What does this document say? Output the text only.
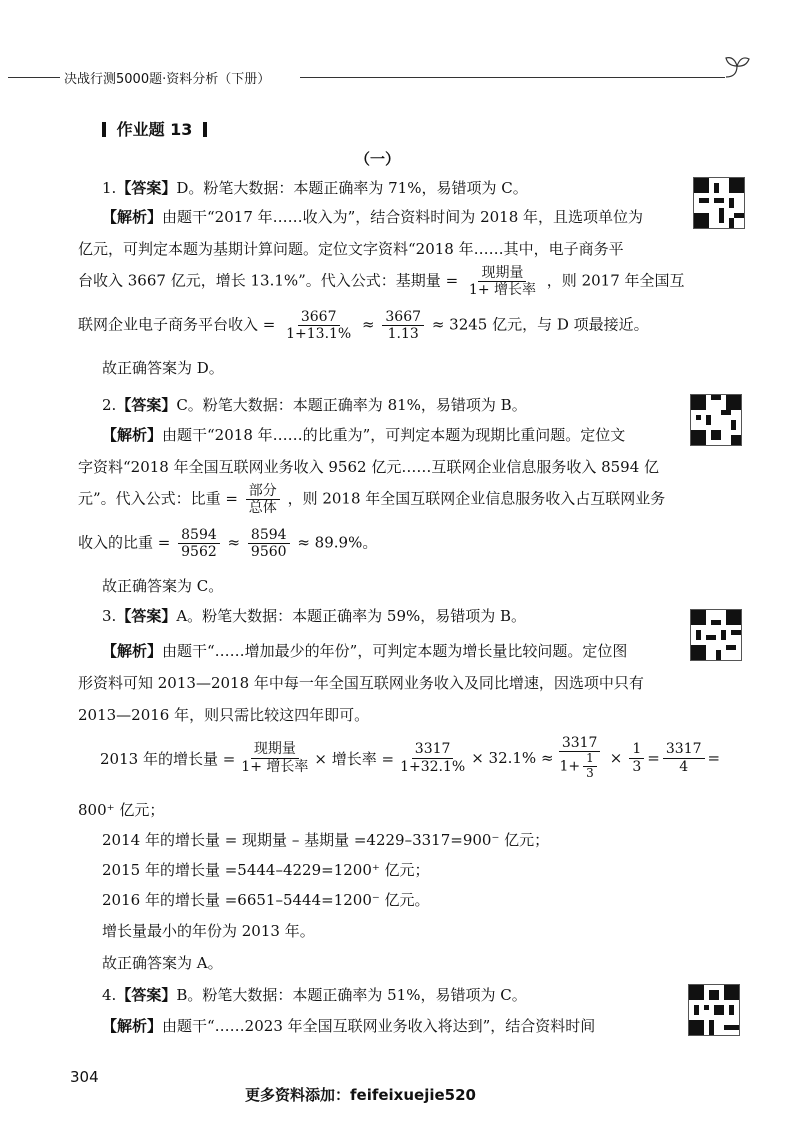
决战行测5000题·资料分析（下册）
作业题 13
（一）
1.【答案】D。粉笔大数据：本题正确率为 71%，易错项为 C。
【解析】由题干“2017 年……收入为”，结合资料时间为 2018 年，且选项单位为
亿元，可判定本题为基期计算问题。定位文字资料“2018 年……其中，电子商务平
台收入 3667 亿元，增长 13.1%”。代入公式：基期量 = $\frac{\text{现期量}}{\text{1+ 增长率}}$ ，则 2017 年全国互
联网企业电子商务平台收入 = $\frac{3667}{1+13.1\%} \approx \frac{3667}{1.13} \approx 3245$ 亿元，与 D 项最接近。
故正确答案为 D。
2.【答案】C。粉笔大数据：本题正确率为 81%，易错项为 B。
【解析】由题干“2018 年……的比重为”，可判定本题为现期比重问题。定位文
字资料“2018 年全国互联网业务收入 9562 亿元……互联网企业信息服务收入 8594 亿
元”。代入公式：比重 = $\frac{\text{部分}}{\text{总体}}$ ，则 2018 年全国互联网企业信息服务收入占互联网业务
收入的比重 = $\frac{8594}{9562} \approx \frac{8594}{9560} \approx 89.9\%$。
故正确答案为 C。
3.【答案】A。粉笔大数据：本题正确率为 59%，易错项为 B。
【解析】由题干“……增加最少的年份”，可判定本题为增长量比较问题。定位图
形资料可知 2013—2018 年中每一年全国互联网业务收入及同比增速，因选项中只有
2013—2016 年，则只需比较这四年即可。
2013 年的增长量 = $\frac{\text{现期量}}{\text{1+ 增长率}}$ × 增长率 = $\frac{3317}{1+32.1\%} \times 32.1\% \approx \frac{3317}{1+ \frac{1}{3}} \times \frac{1}{3} = \frac{3317}{4}$ =
800⁺ 亿元；
2014 年的增长量 = 现期量 – 基期量 =4229–3317=900⁻ 亿元；
2015 年的增长量 =5444–4229=1200⁺ 亿元；
2016 年的增长量 =6651–5444=1200⁻ 亿元。
增长量最小的年份为 2013 年。
故正确答案为 A。
4.【答案】B。粉笔大数据：本题正确率为 51%，易错项为 C。
【解析】由题干“……2023 年全国互联网业务收入将达到”，结合资料时间
304
更多资料添加：feifeixuejie520
